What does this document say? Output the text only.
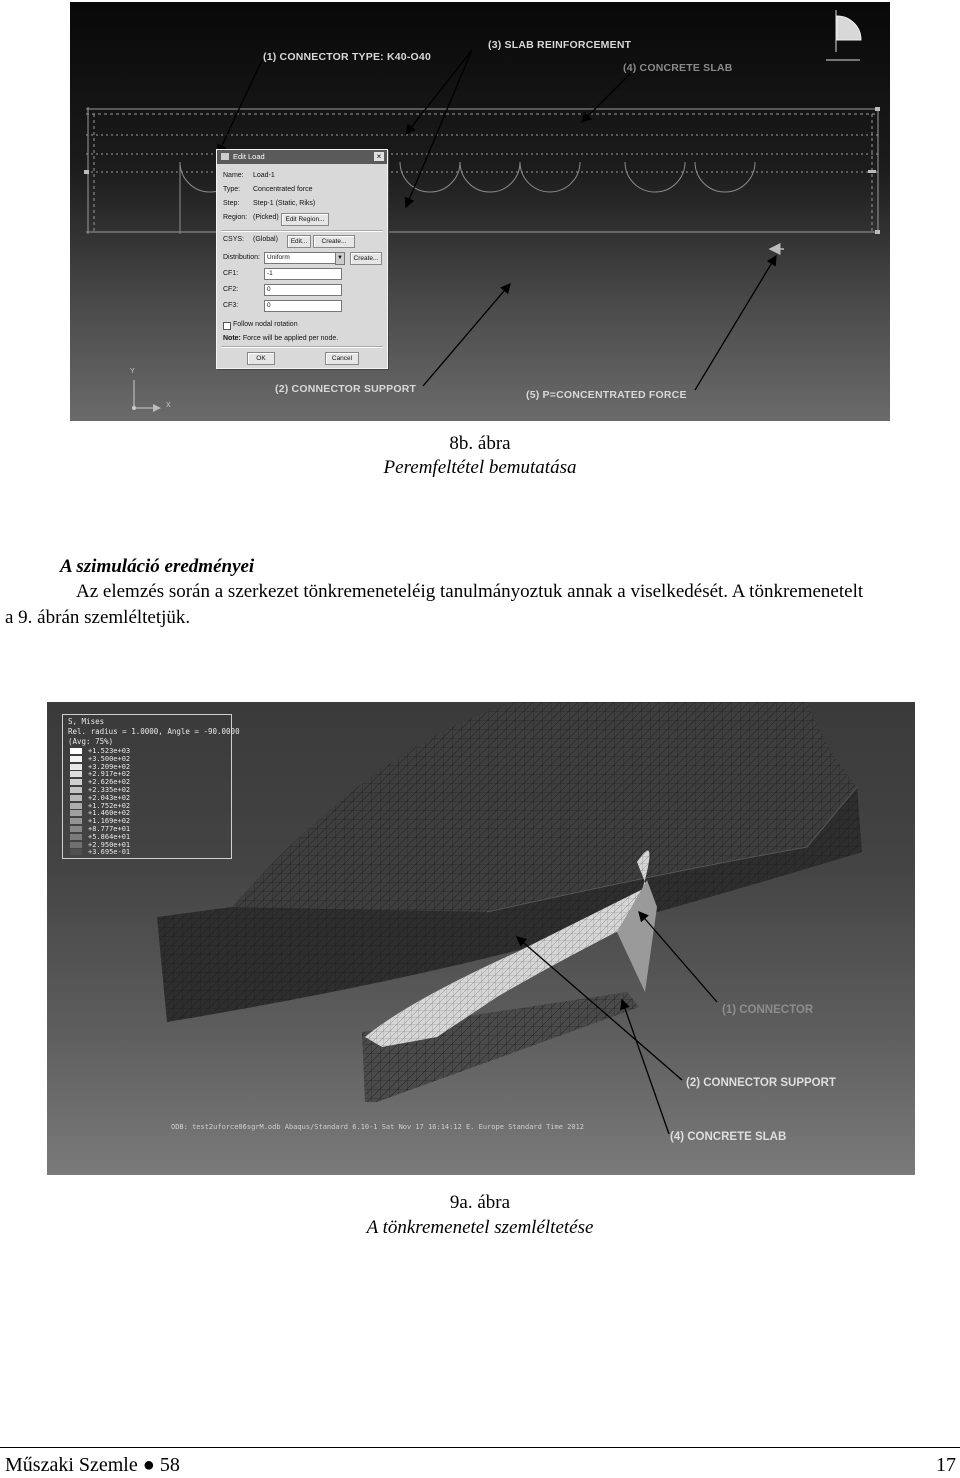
(1) CONNECTOR TYPE: K40-O40
(3) SLAB REINFORCEMENT
(4) CONCRETE SLAB
(2) CONNECTOR SUPPORT	(5) P=CONCENTRATED FORCE
Y
X
Edit Load	×
Name: Load-1
Type: Concentrated force
Step: Step-1 (Static, Riks)
Region: (Picked)	Edit Region...
CSYS: (Global)	Edit...	Create...
Distribution:	Uniform	▼	Create...
CF1:	-1
CF2:	0
CF3:	0
Follow nodal rotation
Note: Force will be applied per node.
OK	Cancel
8b. ábra
Peremfeltétel bemutatása
A szimuláció eredményei
Az elemzés során a szerkezet tönkremeneteléig tanulmányoztuk annak a viselkedését. A tönkremenetelt
a 9. ábrán szemléltetjük.
S, Mises
Rel. radius = 1.0000, Angle = -90.0000
(Avg: 75%)
+1.523e+03
+3.500e+02
+3.209e+02
+2.917e+02
+2.626e+02
+2.335e+02
+2.043e+02
+1.752e+02
+1.460e+02
+1.169e+02
+8.777e+01
+5.864e+01
+2.950e+01
+3.695e-01
(1) CONNECTOR
(2) CONNECTOR SUPPORT
(4) CONCRETE SLAB
ODB: test2uforce06sgrM.odb Abaqus/Standard 6.10-1 Sat Nov 17 16:14:12 E. Europe Standard Time 2012
9a. ábra
A tönkremenetel szemléltetése
Műszaki Szemle ● 58	17
